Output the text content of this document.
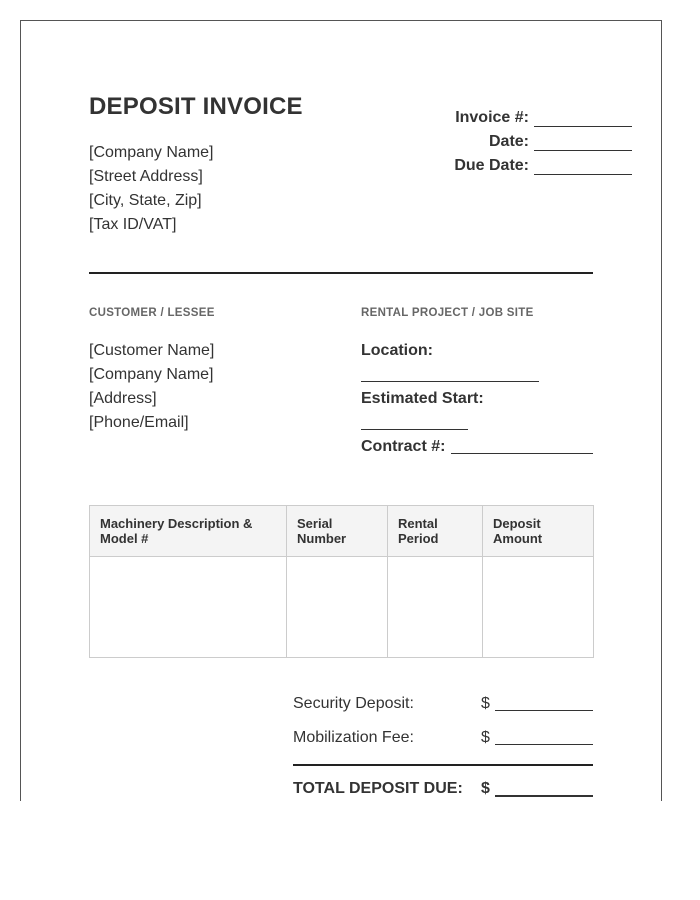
DEPOSIT INVOICE
[Company Name]
[Street Address]
[City, State, Zip]
[Tax ID/VAT]
Invoice #:
Date:
Due Date:
CUSTOMER / LESSEE
[Customer Name]
[Company Name]
[Address]
[Phone/Email]
RENTAL PROJECT / JOB SITE
Location:
Estimated Start:
Contract #:
Machinery Description & Model #	Serial Number	Rental Period	Deposit Amount

Security Deposit:	$
Mobilization Fee:	$
TOTAL DEPOSIT DUE: $
